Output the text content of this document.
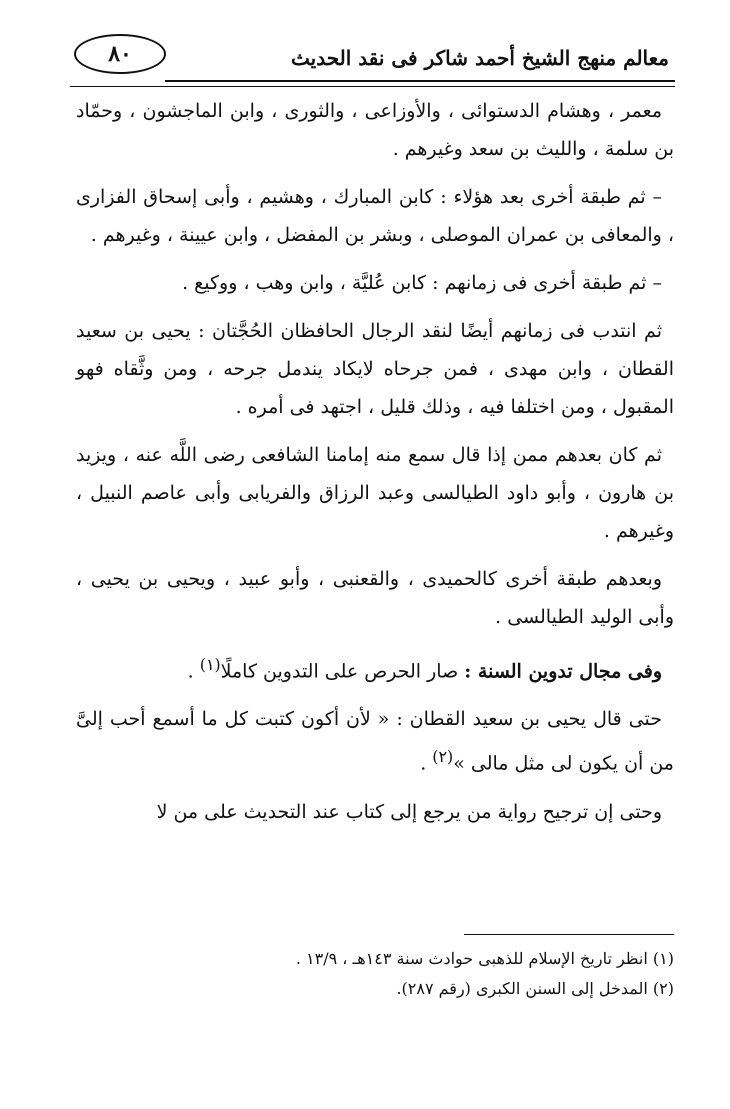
معالم منهج الشيخ أحمد شاكر فى نقد الحديث
٨٠

معمر ، وهشام الدستوائى ، والأوزاعى ، والثورى ، وابن الماجشون ، وحمّاد بن سلمة ، والليث بن سعد وغيرهم .

– ثم طبقة أخرى بعد هؤلاء : كابن المبارك ، وهشيم ، وأبى إسحاق الفزارى ، والمعافى بن عمران الموصلى ، وبشر بن المفضل ، وابن عيينة ، وغيرهم .

– ثم طبقة أخرى فى زمانهم : كابن عُليَّة ، وابن وهب ، ووكيع .

ثم انتدب فى زمانهم أيضًا لنقد الرجال الحافظان الحُجَّتان : يحيى بن سعيد القطان ، وابن مهدى ، فمن جرحاه لايكاد يندمل جرحه ، ومن وثَّقاه فهو المقبول ، ومن اختلفا فيه ، وذلك قليل ، اجتهد فى أمره .

ثم كان بعدهم ممن إذا قال سمع منه إمامنا الشافعى رضى اللَّه عنه ، ويزيد بن هارون ، وأبو داود الطيالسى وعبد الرزاق والفريابى وأبى عاصم النبيل ، وغيرهم .

وبعدهم طبقة أخرى كالحميدى ، والقعنبى ، وأبو عبيد ، ويحيى بن يحيى ، وأبى الوليد الطيالسى .

وفى مجال تدوين السنة : صار الحرص على التدوين كاملًا$^{(١)}$ .

حتى قال يحيى بن سعيد القطان : « لأن أكون كتبت كل ما أسمع أحب إلىَّ من أن يكون لى مثل مالى »$^{(٢)}$ .

وحتى إن ترجيح رواية من يرجع إلى كتاب عند التحديث على من لا

(١) انظر تاريخ الإسلام للذهبى حوادث سنة ١٤٣هـ ، ١٣/٩ .
(٢) المدخل إلى السنن الكبرى (رقم ٢٨٧).
